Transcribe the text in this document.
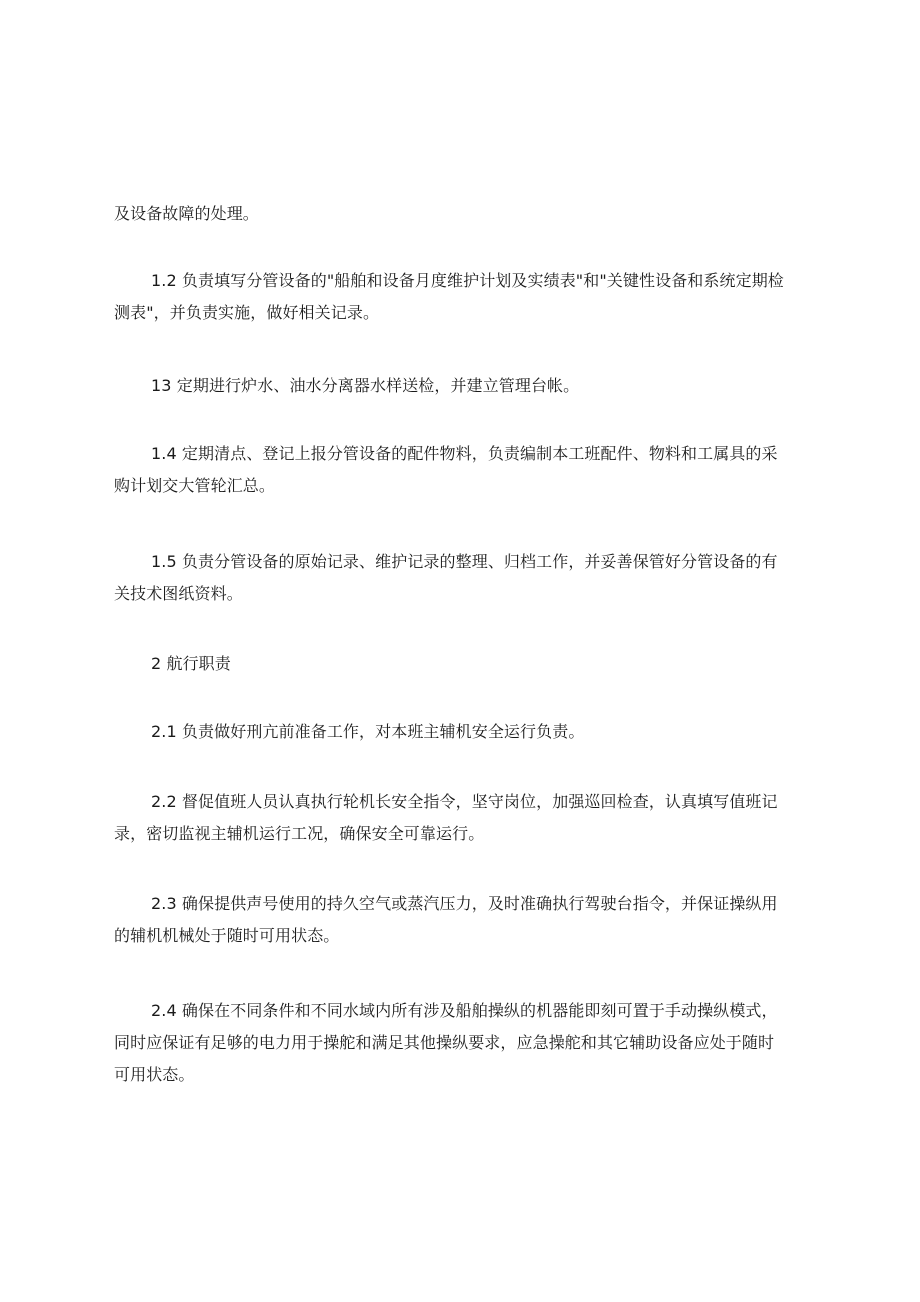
及设备故障的处理。

1.2 负责填写分管设备的"船舶和设备月度维护计划及实绩表"和"关键性设备和系统定期检
测表"，并负责实施，做好相关记录。

13 定期进行炉水、油水分离器水样送检，并建立管理台帐。

1.4 定期清点、登记上报分管设备的配件物料，负责编制本工班配件、物料和工属具的采
购计划交大管轮汇总。

1.5 负责分管设备的原始记录、维护记录的整理、归档工作，并妥善保管好分管设备的有
关技术图纸资料。

2 航行职责

2.1 负责做好刑亢前准备工作，对本班主辅机安全运行负责。

2.2 督促值班人员认真执行轮机长安全指令，坚守岗位，加强巡回检查，认真填写值班记
录，密切监视主辅机运行工况，确保安全可靠运行。

2.3 确保提供声号使用的持久空气或蒸汽压力，及时准确执行驾驶台指令，并保证操纵用
的辅机机械处于随时可用状态。

2.4 确保在不同条件和不同水域内所有涉及船舶操纵的机器能即刻可置于手动操纵模式，
同时应保证有足够的电力用于操舵和满足其他操纵要求，应急操舵和其它辅助设备应处于随时
可用状态。
